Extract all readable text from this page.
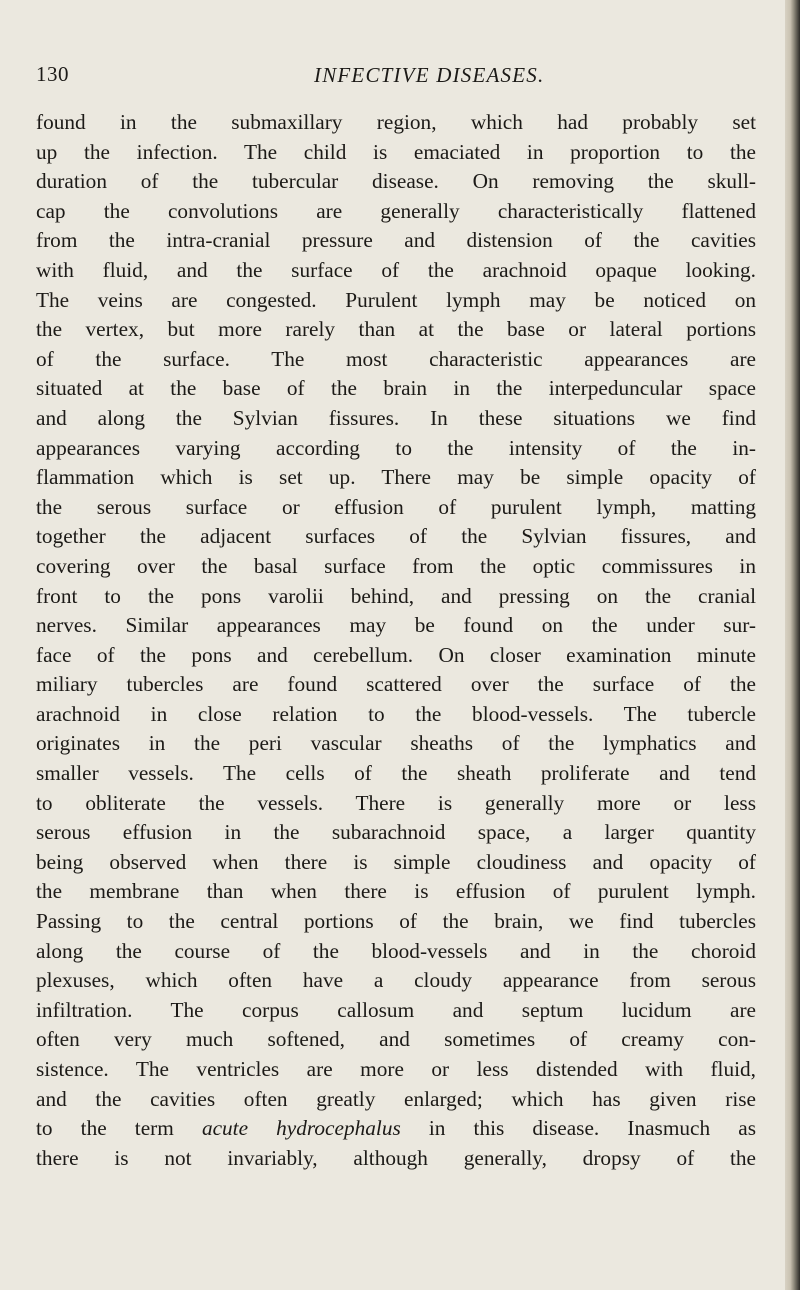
130	INFECTIVE DISEASES.
found in the submaxillary region, which had probably set
up the infection. The child is emaciated in proportion to the
duration of the tubercular disease. On removing the skull-
cap the convolutions are generally characteristically flattened
from the intra-cranial pressure and distension of the cavities
with fluid, and the surface of the arachnoid opaque looking.
The veins are congested. Purulent lymph may be noticed on
the vertex, but more rarely than at the base or lateral portions
of the surface. The most characteristic appearances are
situated at the base of the brain in the interpeduncular space
and along the Sylvian fissures. In these situations we find
appearances varying according to the intensity of the in-
flammation which is set up. There may be simple opacity of
the serous surface or effusion of purulent lymph, matting
together the adjacent surfaces of the Sylvian fissures, and
covering over the basal surface from the optic commissures in
front to the pons varolii behind, and pressing on the cranial
nerves. Similar appearances may be found on the under sur-
face of the pons and cerebellum. On closer examination minute
miliary tubercles are found scattered over the surface of the
arachnoid in close relation to the blood-vessels. The tubercle
originates in the peri vascular sheaths of the lymphatics and
smaller vessels. The cells of the sheath proliferate and tend
to obliterate the vessels. There is generally more or less
serous effusion in the subarachnoid space, a larger quantity
being observed when there is simple cloudiness and opacity of
the membrane than when there is effusion of purulent lymph.
Passing to the central portions of the brain, we find tubercles
along the course of the blood-vessels and in the choroid
plexuses, which often have a cloudy appearance from serous
infiltration. The corpus callosum and septum lucidum are
often very much softened, and sometimes of creamy con-
sistence. The ventricles are more or less distended with fluid,
and the cavities often greatly enlarged; which has given rise
to the term acute hydrocephalus in this disease. Inasmuch as
there is not invariably, although generally, dropsy of the
